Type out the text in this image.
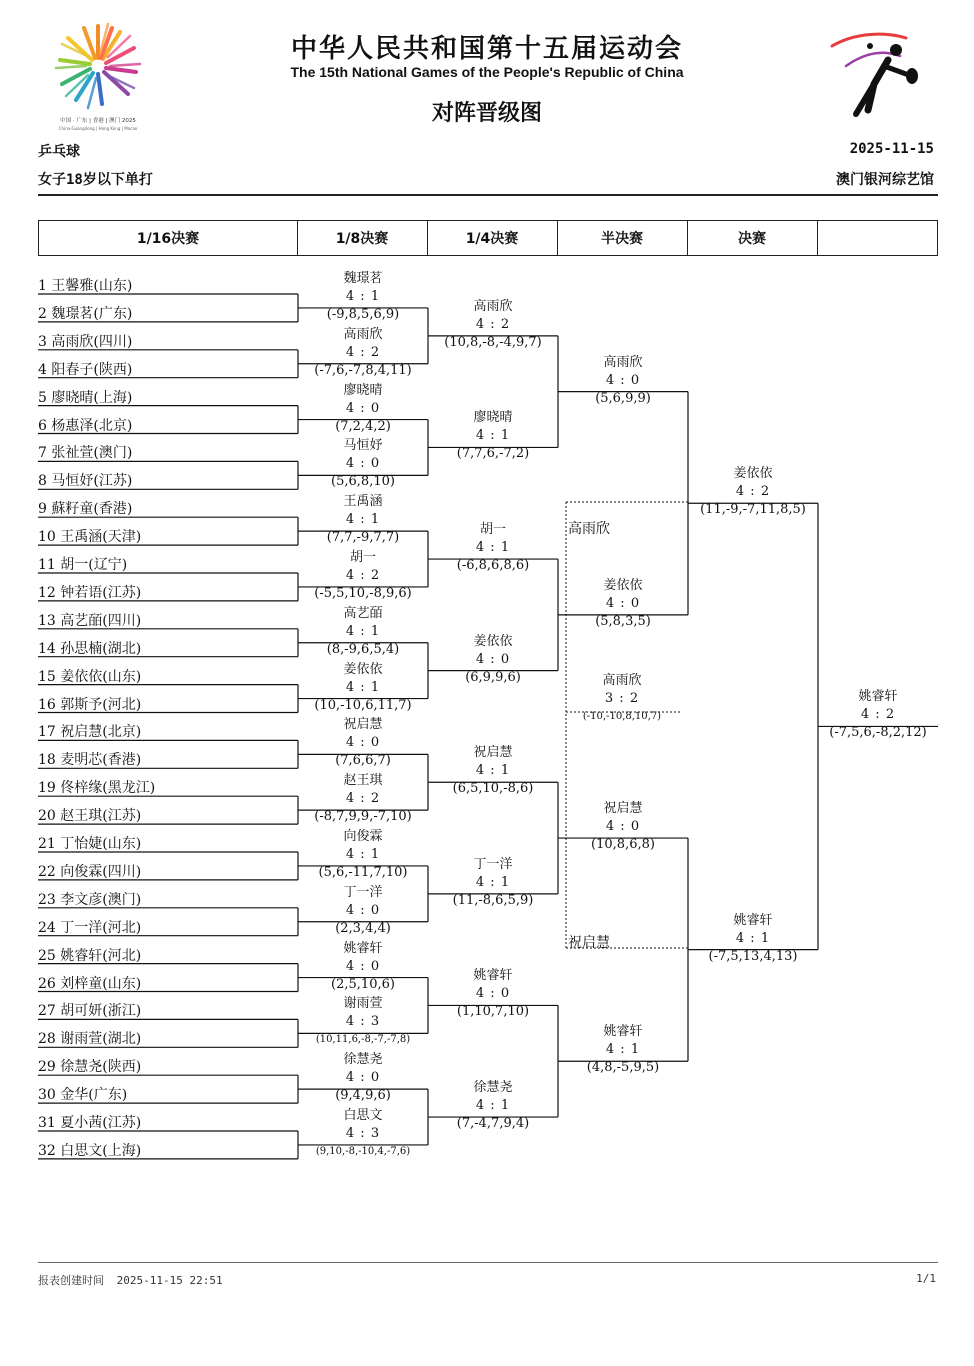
中国 · 广东 | 香港 | 澳门 2025
China·Guangdong | Hong Kong | Macao
中华人民共和国第十五届运动会
The 15th National Games of the People's Republic of China
对阵晋级图
乒乓球
女子18岁以下单打
2025-11-15
澳门银河综艺馆
1/16决赛	1/8决赛	1/4决赛	半决赛	决赛
1 王馨雅(山东)
2 魏璟茗(广东)
3 高雨欣(四川)
4 阳春子(陕西)
5 廖晓晴(上海)
6 杨惠泽(北京)
7 张祉萱(澳门)
8 马恒妤(江苏)
9 蘇籽童(香港)
10 王禹涵(天津)
11 胡一(辽宁)
12 钟若语(江苏)
13 高艺皕(四川)
14 孙思楠(湖北)
15 姜依依(山东)
16 郭斯予(河北)
17 祝启慧(北京)
18 麦明芯(香港)
19 佟梓缘(黑龙江)
20 赵王琪(江苏)
21 丁怡婕(山东)
22 向俊霖(四川)
23 李文彦(澳门)
24 丁一洋(河北)
25 姚睿轩(河北)
26 刘梓童(山东)
27 胡可妍(浙江)
28 谢雨萱(湖北)
29 徐慧尧(陕西)
30 金华(广东)
31 夏小茜(江苏)
32 白思文(上海)
魏璟茗
4 : 1
(-9,8,5,6,9)
高雨欣
4 : 2
(-7,6,-7,8,4,11)
廖晓晴
4 : 0
(7,2,4,2)
马恒妤
4 : 0
(5,6,8,10)
王禹涵
4 : 1
(7,7,-9,7,7)
胡一
4 : 2
(-5,5,10,-8,9,6)
高艺皕
4 : 1
(8,-9,6,5,4)
姜依依
4 : 1
(10,-10,6,11,7)
祝启慧
4 : 0
(7,6,6,7)
赵王琪
4 : 2
(-8,7,9,9,-7,10)
向俊霖
4 : 1
(5,6,-11,7,10)
丁一洋
4 : 0
(2,3,4,4)
姚睿轩
4 : 0
(2,5,10,6)
谢雨萱
4 : 3
(10,11,6,-8,-7,-7,8)
徐慧尧
4 : 0
(9,4,9,6)
白思文
4 : 3
(9,10,-8,-10,4,-7,6)
高雨欣
4 : 2
(10,8,-8,-4,9,7)
廖晓晴
4 : 1
(7,7,6,-7,2)
胡一
4 : 1
(-6,8,6,8,6)
姜依依
4 : 0
(6,9,9,6)
祝启慧
4 : 1
(6,5,10,-8,6)
丁一洋
4 : 1
(11,-8,6,5,9)
姚睿轩
4 : 0
(1,10,7,10)
徐慧尧
4 : 1
(7,-4,7,9,4)
高雨欣
4 : 0
(5,6,9,9)
姜依依
4 : 0
(5,8,3,5)
祝启慧
4 : 0
(10,8,6,8)
姚睿轩
4 : 1
(4,8,-5,9,5)
姜依依
4 : 2
(11,-9,-7,11,8,5)
姚睿轩
4 : 1
(-7,5,13,4,13)
姚睿轩
4 : 2
(-7,5,6,-8,2,12)
高雨欣
祝启慧
高雨欣
3 : 2
(-10,-10,8,10,7)
报表创建时间 2025-11-15 22:51	1/1
